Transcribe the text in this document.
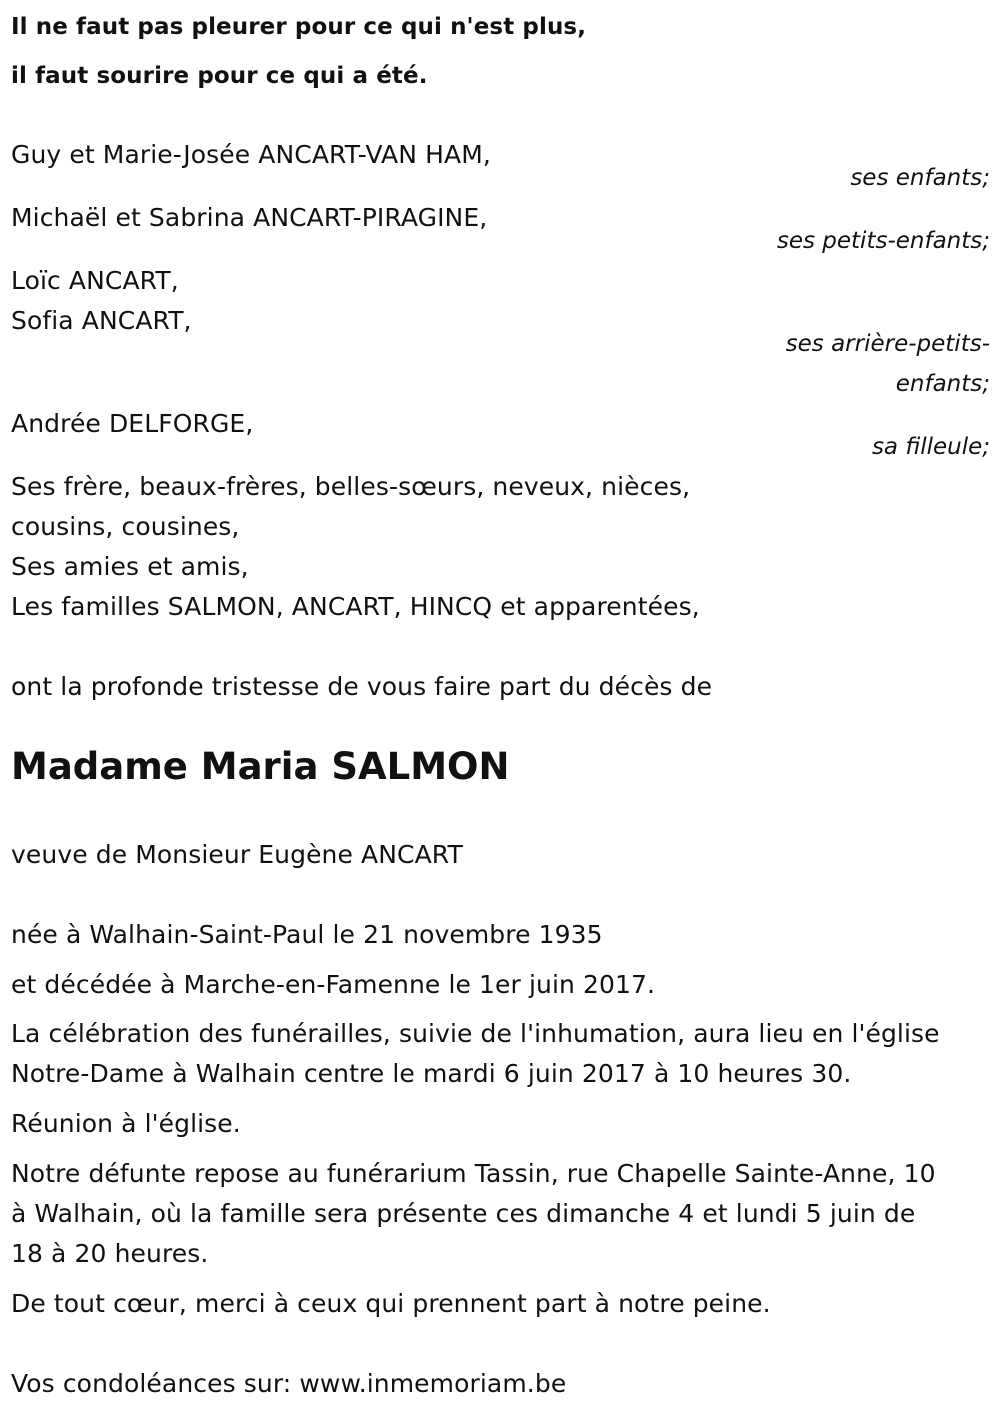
Il ne faut pas pleurer pour ce qui n'est plus,
il faut sourire pour ce qui a été.
Guy et Marie-Josée ANCART-VAN HAM,
ses enfants;
Michaël et Sabrina ANCART-PIRAGINE,
ses petits-enfants;
Loïc ANCART,
Sofia ANCART,
ses arrière-petits-
enfants;
Andrée DELFORGE,
sa filleule;
Ses frère, beaux-frères, belles-sœurs, neveux, nièces,
cousins, cousines,
Ses amies et amis,
Les familles SALMON, ANCART, HINCQ et apparentées,
ont la profonde tristesse de vous faire part du décès de
Madame Maria SALMON
veuve de Monsieur Eugène ANCART
née à Walhain-Saint-Paul le 21 novembre 1935
et décédée à Marche-en-Famenne le 1er juin 2017.
La célébration des funérailles, suivie de l'inhumation, aura lieu en l'église
Notre-Dame à Walhain centre le mardi 6 juin 2017 à 10 heures 30.
Réunion à l'église.
Notre défunte repose au funérarium Tassin, rue Chapelle Sainte-Anne, 10
à Walhain, où la famille sera présente ces dimanche 4 et lundi 5 juin de
18 à 20 heures.
De tout cœur, merci à ceux qui prennent part à notre peine.
Vos condoléances sur: www.inmemoriam.be
